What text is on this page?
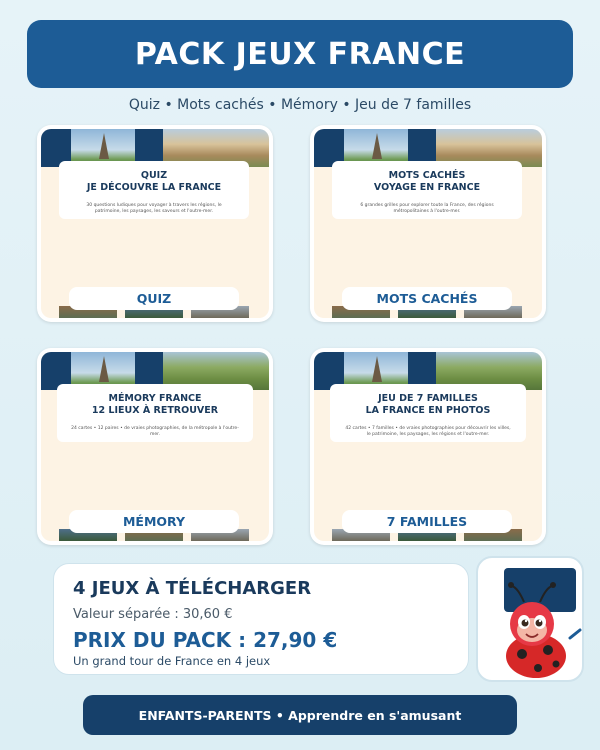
PACK JEUX FRANCE
Quiz • Mots cachés • Mémory • Jeu de 7 familles
QUIZ
JE DÉCOUVRE LA FRANCE
30 questions ludiques pour voyager à travers les régions, le patrimoine, les paysages, les saveurs et l'outre-mer.
QUIZ
MOTS CACHÉS
VOYAGE EN FRANCE
6 grandes grilles pour explorer toute la France, des régions métropolitaines à l'outre-mer.
MOTS CACHÉS
MÉMORY FRANCE
12 LIEUX À RETROUVER
24 cartes • 12 paires • de vraies photographies, de la métropole à l'outre-mer.
MÉMORY
JEU DE 7 FAMILLES
LA FRANCE EN PHOTOS
42 cartes • 7 familles • de vraies photographies pour découvrir les villes, le patrimoine, les paysages, les régions et l'outre-mer.
7 FAMILLES
4 JEUX À TÉLÉCHARGER
Valeur séparée : 30,60 €
PRIX DU PACK : 27,90 €
Un grand tour de France en 4 jeux
ENFANTS-PARENTS • Apprendre en s'amusant
